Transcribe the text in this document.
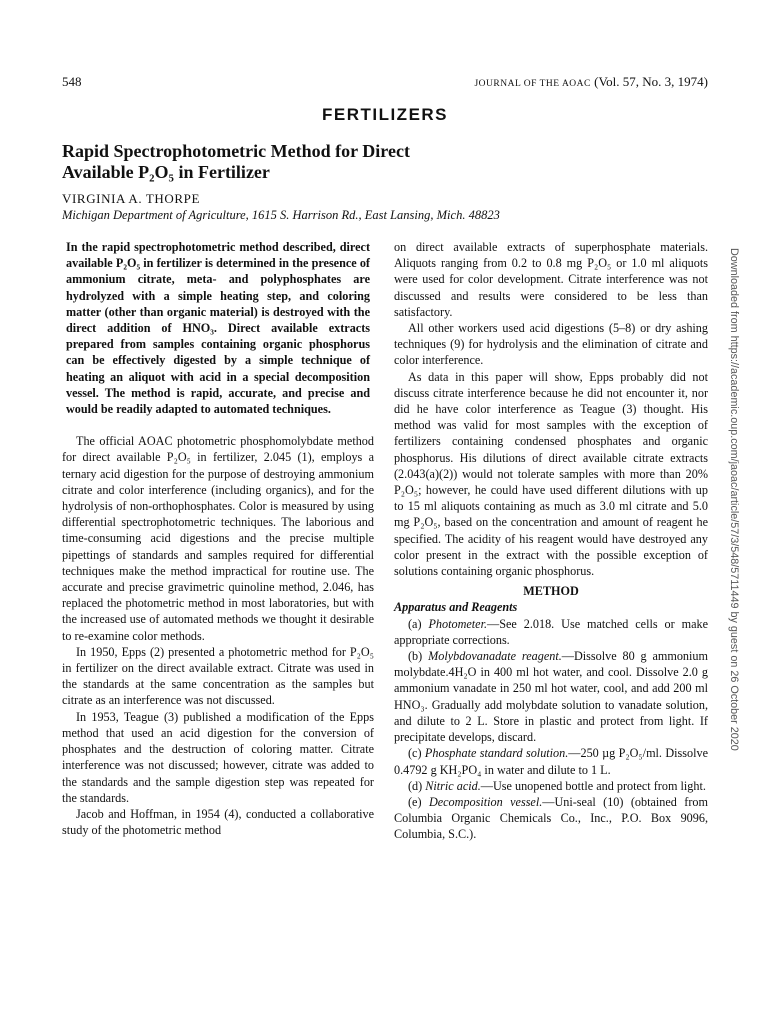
548	JOURNAL OF THE AOAC (Vol. 57, No. 3, 1974)
FERTILIZERS
Rapid Spectrophotometric Method for Direct
Available P₂O₅ in Fertilizer
VIRGINIA A. THORPE
Michigan Department of Agriculture, 1615 S. Harrison Rd., East Lansing, Mich. 48823

In the rapid spectrophotometric method described, direct available P₂O₅ in fertilizer is determined in the presence of ammonium citrate, meta- and polyphosphates are hydrolyzed with a simple heating step, and coloring matter (other than organic material) is destroyed with the direct addition of HNO₃. Direct available extracts prepared from samples containing organic phosphorus can be effectively digested by a simple technique of heating an aliquot with acid in a special decomposition vessel. The method is rapid, accurate, and precise and would be readily adapted to automated techniques.

The official AOAC photometric phosphomolybdate method for direct available P₂O₅ in fertilizer, 2.045 (1), employs a ternary acid digestion for the purpose of destroying ammonium citrate and color interference (including organics), and for the hydrolysis of non-orthophosphates. Color is measured by using differential spectrophotometric techniques. The laborious and time-consuming acid digestions and the precise multiple pipettings of standards and samples required for differential techniques make the method impractical for routine use. The accurate and precise gravimetric quinoline method, 2.046, has replaced the photometric method in most laboratories, but with the increased use of automated methods we thought it desirable to re-examine color methods.

In 1950, Epps (2) presented a photometric method for P₂O₅ in fertilizer on the direct available extract. Citrate was used in the standards at the same concentration as the samples but citrate as an interference was not discussed.

In 1953, Teague (3) published a modification of the Epps method that used an acid digestion for the conversion of phosphates and the destruction of coloring matter. Citrate interference was not discussed; however, citrate was added to the standards and the sample digestion step was repeated for the standards.

Jacob and Hoffman, in 1954 (4), conducted a collaborative study of the photometric method

on direct available extracts of superphosphate materials. Aliquots ranging from 0.2 to 0.8 mg P₂O₅ or 1.0 ml aliquots were used for color development. Citrate interference was not discussed and results were considered to be less than satisfactory.

All other workers used acid digestions (5–8) or dry ashing techniques (9) for hydrolysis and the elimination of citrate and color interference.

As data in this paper will show, Epps probably did not discuss citrate interference because he did not encounter it, nor did he have color interference as Teague (3) thought. His method was valid for most samples with the exception of fertilizers containing condensed phosphates and organic phosphorus. His dilutions of direct available citrate extracts (2.043(a)(2)) would not tolerate samples with more than 20% P₂O₅; however, he could have used different dilutions with up to 15 ml aliquots containing as much as 3.0 ml citrate and 5.0 mg P₂O₅, based on the concentration and amount of reagent he specified. The acidity of his reagent would have destroyed any color present in the extract with the possible exception of solutions containing organic phosphorus.

METHOD

Apparatus and Reagents

(a) Photometer.—See 2.018. Use matched cells or make appropriate corrections.

(b) Molybdovanadate reagent.—Dissolve 80 g ammonium molybdate.4H₂O in 400 ml hot water, and cool. Dissolve 2.0 g ammonium vanadate in 250 ml hot water, cool, and add 200 ml HNO₃. Gradually add molybdate solution to vanadate solution, and dilute to 2 L. Store in plastic and protect from light. If precipitate develops, discard.

(c) Phosphate standard solution.—250 µg P₂O₅/ml. Dissolve 0.4792 g KH₂PO₄ in water and dilute to 1 L.

(d) Nitric acid.—Use unopened bottle and protect from light.

(e) Decomposition vessel.—Uni-seal (10) (obtained from Columbia Organic Chemicals Co., Inc., P.O. Box 9096, Columbia, S.C.).

Downloaded from https://academic.oup.com/jaoac/article/57/3/548/5711449 by guest on 26 October 2020
